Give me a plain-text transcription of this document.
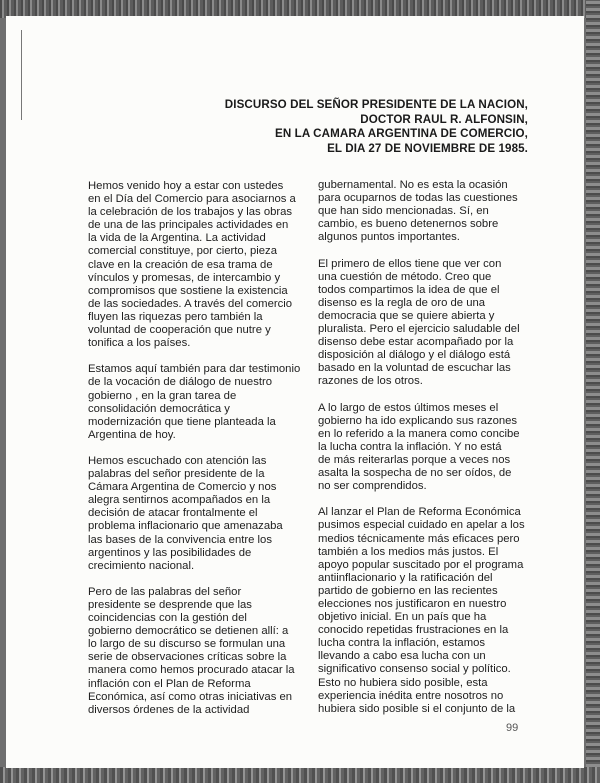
DISCURSO DEL SEÑOR PRESIDENTE DE LA NACION,
DOCTOR RAUL R. ALFONSIN,
EN LA CAMARA ARGENTINA DE COMERCIO,
EL DIA 27 DE NOVIEMBRE DE 1985.
Hemos venido hoy a estar con ustedes
en el Día del Comercio para asociarnos a
la celebración de los trabajos y las obras
de una de las principales actividades en
la vida de la Argentina. La actividad
comercial constituye, por cierto, pieza
clave en la creación de esa trama de
vínculos y promesas, de intercambio y
compromisos que sostiene la existencia
de las sociedades. A través del comercio
fluyen las riquezas pero también la
voluntad de cooperación que nutre y
tonifica a los países.
Estamos aquí también para dar testimonio
de la vocación de diálogo de nuestro
gobierno , en la gran tarea de
consolidación democrática y
modernización que tiene planteada la
Argentina de hoy.
Hemos escuchado con atención las
palabras del señor presidente de la
Cámara Argentina de Comercio y nos
alegra sentirnos acompañados en la
decisión de atacar frontalmente el
problema inflacionario que amenazaba
las bases de la convivencia entre los
argentinos y las posibilidades de
crecimiento nacional.
Pero de las palabras del señor
presidente se desprende que las
coincidencias con la gestión del
gobierno democrático se detienen allí: a
lo largo de su discurso se formulan una
serie de observaciones críticas sobre la
manera como hemos procurado atacar la
inflación con el Plan de Reforma
Económica, así como otras iniciativas en
diversos órdenes de la actividad
gubernamental. No es esta la ocasión
para ocuparnos de todas las cuestiones
que han sido mencionadas. Sí, en
cambio, es bueno detenernos sobre
algunos puntos importantes.
El primero de ellos tiene que ver con
una cuestión de método. Creo que
todos compartimos la idea de que el
disenso es la regla de oro de una
democracia que se quiere abierta y
pluralista. Pero el ejercicio saludable del
disenso debe estar acompañado por la
disposición al diálogo y el diálogo está
basado en la voluntad de escuchar las
razones de los otros.
A lo largo de estos últimos meses el
gobierno ha ido explicando sus razones
en lo referido a la manera como concibe
la lucha contra la inflación. Y no está
de más reiterarlas porque a veces nos
asalta la sospecha de no ser oídos, de
no ser comprendidos.
Al lanzar el Plan de Reforma Económica
pusimos especial cuidado en apelar a los
medios técnicamente más eficaces pero
también a los medios más justos. El
apoyo popular suscitado por el programa
antiinflacionario y la ratificación del
partido de gobierno en las recientes
elecciones nos justificaron en nuestro
objetivo inicial. En un país que ha
conocido repetidas frustraciones en la
lucha contra la inflación, estamos
llevando a cabo esa lucha con un
significativo consenso social y político.
Esto no hubiera sido posible, esta
experiencia inédita entre nosotros no
hubiera sido posible si el conjunto de la
99
